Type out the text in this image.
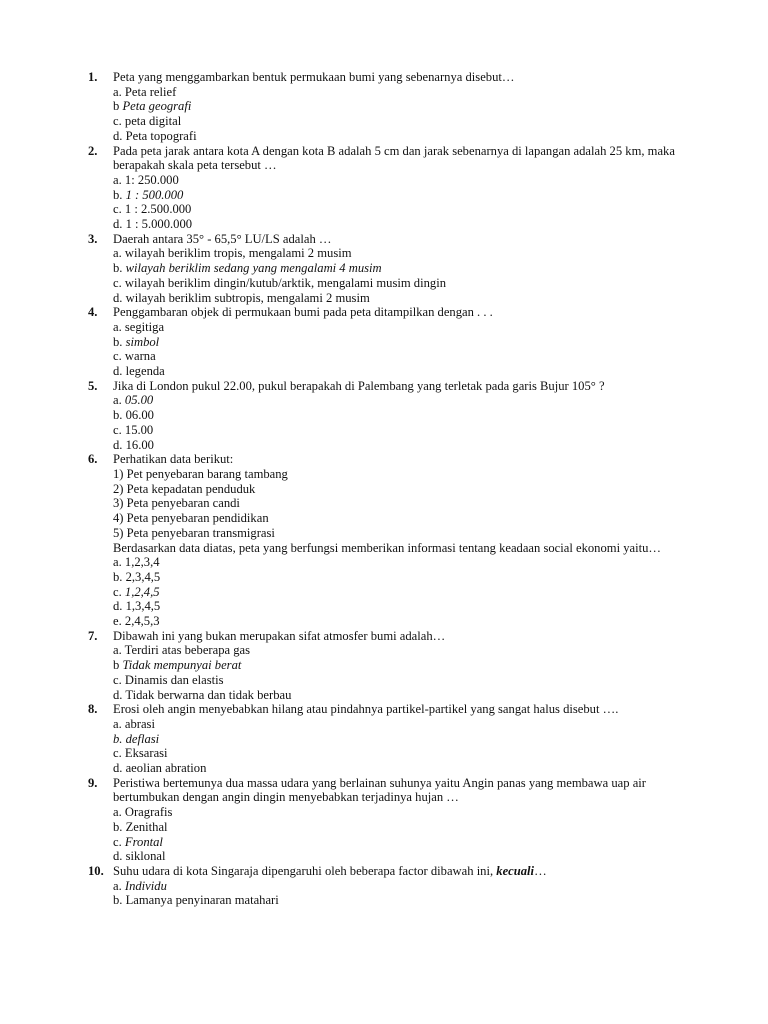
1.	Peta yang menggambarkan bentuk permukaan bumi yang sebenarnya disebut…
a. Peta relief
b Peta geografi
c. peta digital
d. Peta topografi
2.	Pada peta jarak antara kota A dengan kota B adalah 5 cm dan jarak sebenarnya di lapangan adalah 25 km, maka berapakah skala peta tersebut …
a. 1: 250.000
b. 1 : 500.000
c. 1 : 2.500.000
d. 1 : 5.000.000
3.	Daerah antara 35° - 65,5° LU/LS adalah …
a. wilayah beriklim tropis, mengalami 2 musim
b. wilayah beriklim sedang yang mengalami 4 musim
c. wilayah beriklim dingin/kutub/arktik, mengalami musim dingin
d. wilayah beriklim subtropis, mengalami 2 musim
4.	Penggambaran objek di permukaan bumi pada peta ditampilkan dengan . . .
a. segitiga
b. simbol
c. warna
d. legenda
5.	Jika di London pukul 22.00, pukul berapakah di Palembang yang terletak pada garis Bujur 105° ?
a. 05.00
b. 06.00
c. 15.00
d. 16.00
6.	Perhatikan data berikut:
1) Pet penyebaran barang tambang
2) Peta kepadatan penduduk
3) Peta penyebaran candi
4) Peta penyebaran pendidikan
5) Peta penyebaran transmigrasi
Berdasarkan data diatas, peta yang berfungsi memberikan informasi tentang keadaan social ekonomi yaitu…
a. 1,2,3,4
b. 2,3,4,5
c. 1,2,4,5
d. 1,3,4,5
e. 2,4,5,3
7.	Dibawah ini yang bukan merupakan sifat atmosfer bumi adalah…
a. Terdiri atas beberapa gas
b Tidak mempunyai berat
c. Dinamis dan elastis
d. Tidak berwarna dan tidak berbau
8.	Erosi oleh angin menyebabkan hilang atau pindahnya partikel-partikel yang sangat halus disebut ….
a. abrasi
b. deflasi
c. Eksarasi
d. aeolian abration
9.	Peristiwa bertemunya dua massa udara yang berlainan suhunya yaitu Angin panas yang membawa uap air bertumbukan dengan angin dingin menyebabkan terjadinya hujan …
a. Oragrafis
b. Zenithal
c. Frontal
d. siklonal
10. Suhu udara di kota Singaraja dipengaruhi oleh beberapa factor dibawah ini, kecuali…
a. Individu
b. Lamanya penyinaran matahari
